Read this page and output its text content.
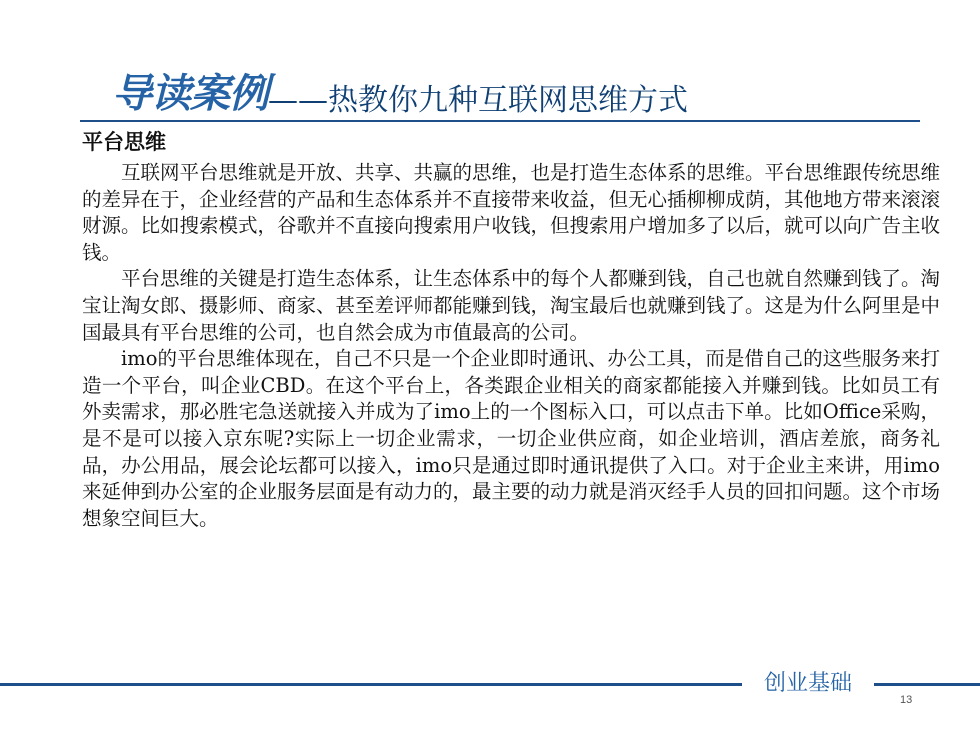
导读案例——热教你九种互联网思维方式
平台思维

互联网平台思维就是开放、共享、共赢的思维，也是打造生态体系的思维。平台思维跟传统思维的差异在于，企业经营的产品和生态体系并不直接带来收益，但无心插柳柳成荫，其他地方带来滚滚财源。比如搜索模式，谷歌并不直接向搜索用户收钱，但搜索用户增加多了以后，就可以向广告主收钱。

平台思维的关键是打造生态体系，让生态体系中的每个人都赚到钱，自己也就自然赚到钱了。淘宝让淘女郎、摄影师、商家、甚至差评师都能赚到钱，淘宝最后也就赚到钱了。这是为什么阿里是中国最具有平台思维的公司，也自然会成为市值最高的公司。

imo的平台思维体现在，自己不只是一个企业即时通讯、办公工具，而是借自己的这些服务来打造一个平台，叫企业CBD。在这个平台上，各类跟企业相关的商家都能接入并赚到钱。比如员工有外卖需求，那必胜宅急送就接入并成为了imo上的一个图标入口，可以点击下单。比如Office采购，是不是可以接入京东呢?实际上一切企业需求，一切企业供应商，如企业培训，酒店差旅，商务礼品，办公用品，展会论坛都可以接入，imo只是通过即时通讯提供了入口。对于企业主来讲，用imo来延伸到办公室的企业服务层面是有动力的，最主要的动力就是消灭经手人员的回扣问题。这个市场想象空间巨大。

创业基础
13
